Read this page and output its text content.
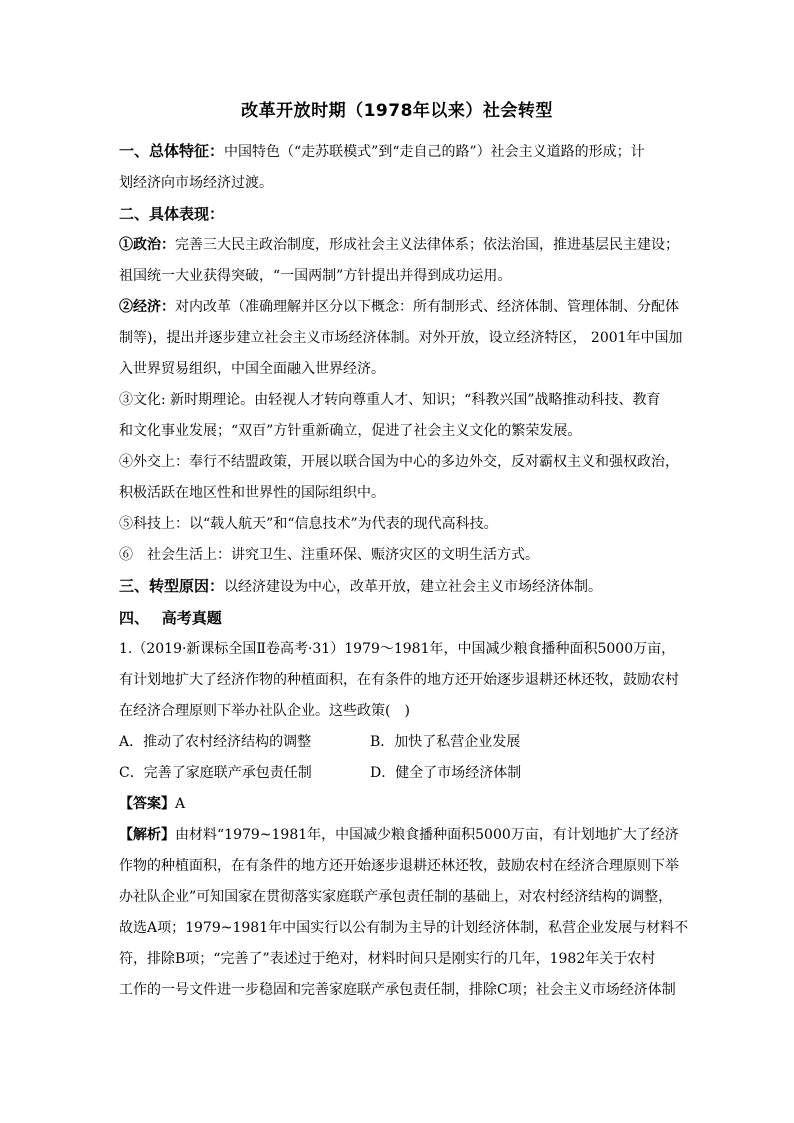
改革开放时期（1978年以来）社会转型

一、总体特征：中国特色（“走苏联模式”到“走自己的路”）社会主义道路的形成；计

划经济向市场经济过渡。

二、具体表现：

①政治：完善三大民主政治制度，形成社会主义法律体系；依法治国，推进基层民主建设；

祖国统一大业获得突破，“一国两制”方针提出并得到成功运用。

②经济：对内改革（准确理解并区分以下概念：所有制形式、经济体制、管理体制、分配体

制等)，提出并逐步建立社会主义市场经济体制。对外开放，设立经济特区， 2001年中国加

入世界贸易组织，中国全面融入世界经济。

③文化: 新时期理论。由轻视人才转向尊重人才、知识；“科教兴国”战略推动科技、教育

和文化事业发展；“双百”方针重新确立，促进了社会主义文化的繁荣发展。

④外交上：奉行不结盟政策，开展以联合国为中心的多边外交，反对霸权主义和强权政治，

积极活跃在地区性和世界性的国际组织中。

⑤科技上：以“载人航天”和“信息技术”为代表的现代高科技。

⑥　社会生活上：讲究卫生、注重环保、赈济灾区的文明生活方式。

三、转型原因：以经济建设为中心，改革开放，建立社会主义市场经济体制。

四、　 高考真题

1.（2019·新课标全国Ⅱ卷高考·31）1979～1981年，中国减少粮食播种面积5000万亩，

有计划地扩大了经济作物的种植面积，在有条件的地方还开始逐步退耕还林还牧，鼓励农村

在经济合理原则下举办社队企业。这些政策(　)

A．推动了农村经济结构的调整	B．加快了私营企业发展

C．完善了家庭联产承包责任制	D．健全了市场经济体制

【答案】A

【解析】由材料“1979~1981年，中国减少粮食播种面积5000万亩，有计划地扩大了经济

作物的种植面积，在有条件的地方还开始逐步退耕还林还牧，鼓励农村在经济合理原则下举

办社队企业”可知国家在贯彻落实家庭联产承包责任制的基础上，对农村经济结构的调整，

故选A项；1979~1981年中国实行以公有制为主导的计划经济体制，私营企业发展与材料不

符，排除B项；“完善了”表述过于绝对，材料时间只是刚实行的几年，1982年关于农村

工作的一号文件进一步稳固和完善家庭联产承包责任制，排除C项；社会主义市场经济体制
